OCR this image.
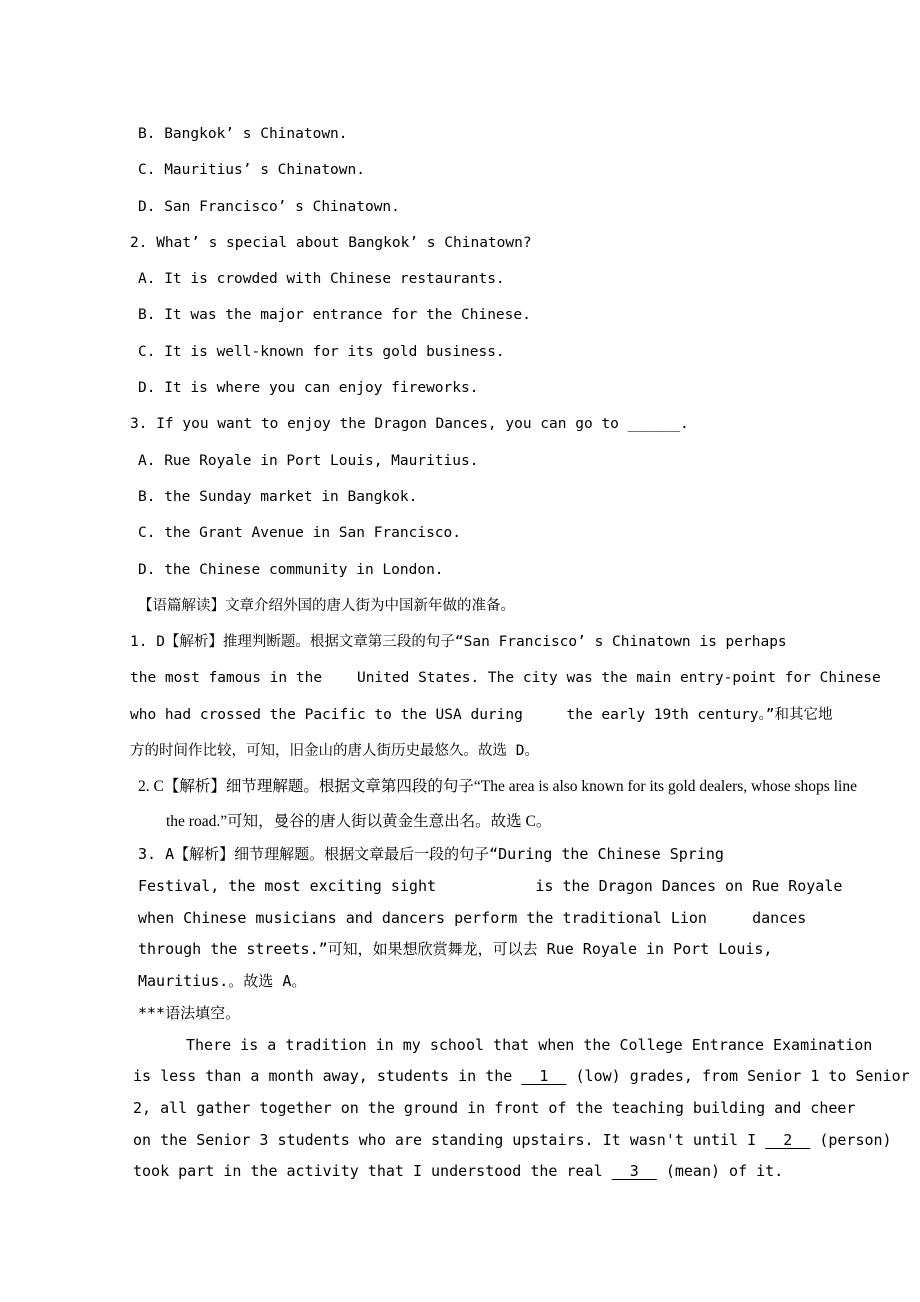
B. Bangkok’ s Chinatown.
C. Mauritius’ s Chinatown.
D. San Francisco’ s Chinatown.
2. What’ s special about Bangkok’ s Chinatown?
A. It is crowded with Chinese restaurants.
B. It was the major entrance for the Chinese.
C. It is well-known for its gold business.
D. It is where you can enjoy fireworks.
3. If you want to enjoy the Dragon Dances, you can go to ______.
A. Rue Royale in Port Louis, Mauritius.
B. the Sunday market in Bangkok.
C. the Grant Avenue in San Francisco.
D. the Chinese community in London.
【语篇解读】文章介绍外国的唐人街为中国新年做的准备。
1. D【解析】推理判断题。根据文章第三段的句子“San Francisco’ s Chinatown is perhaps
the most famous in the    United States. The city was the main entry-point for Chinese
who had crossed the Pacific to the USA during     the early 19th century。”和其它地
方的时间作比较，可知，旧金山的唐人街历史最悠久。故选 D。
2. C【解析】细节理解题。根据文章第四段的句子“The area is also known for its gold dealers, whose shops line
the road.”可知，曼谷的唐人街以黄金生意出名。故选 C。
3. A【解析】细节理解题。根据文章最后一段的句子“During the Chinese Spring
Festival, the most exciting sight           is the Dragon Dances on Rue Royale
when Chinese musicians and dancers perform the traditional Lion     dances
through the streets.”可知，如果想欣赏舞龙，可以去 Rue Royale in Port Louis,
Mauritius.。故选 A。
***语法填空。
There is a tradition in my school that when the College Entrance Examination
is less than a month away, students in the   1   (low) grades, from Senior 1 to Senior
2, all gather together on the ground in front of the teaching building and cheer
on the Senior 3 students who are standing upstairs. It wasn't until I   2   (person)
took part in the activity that I understood the real   3   (mean) of it.
